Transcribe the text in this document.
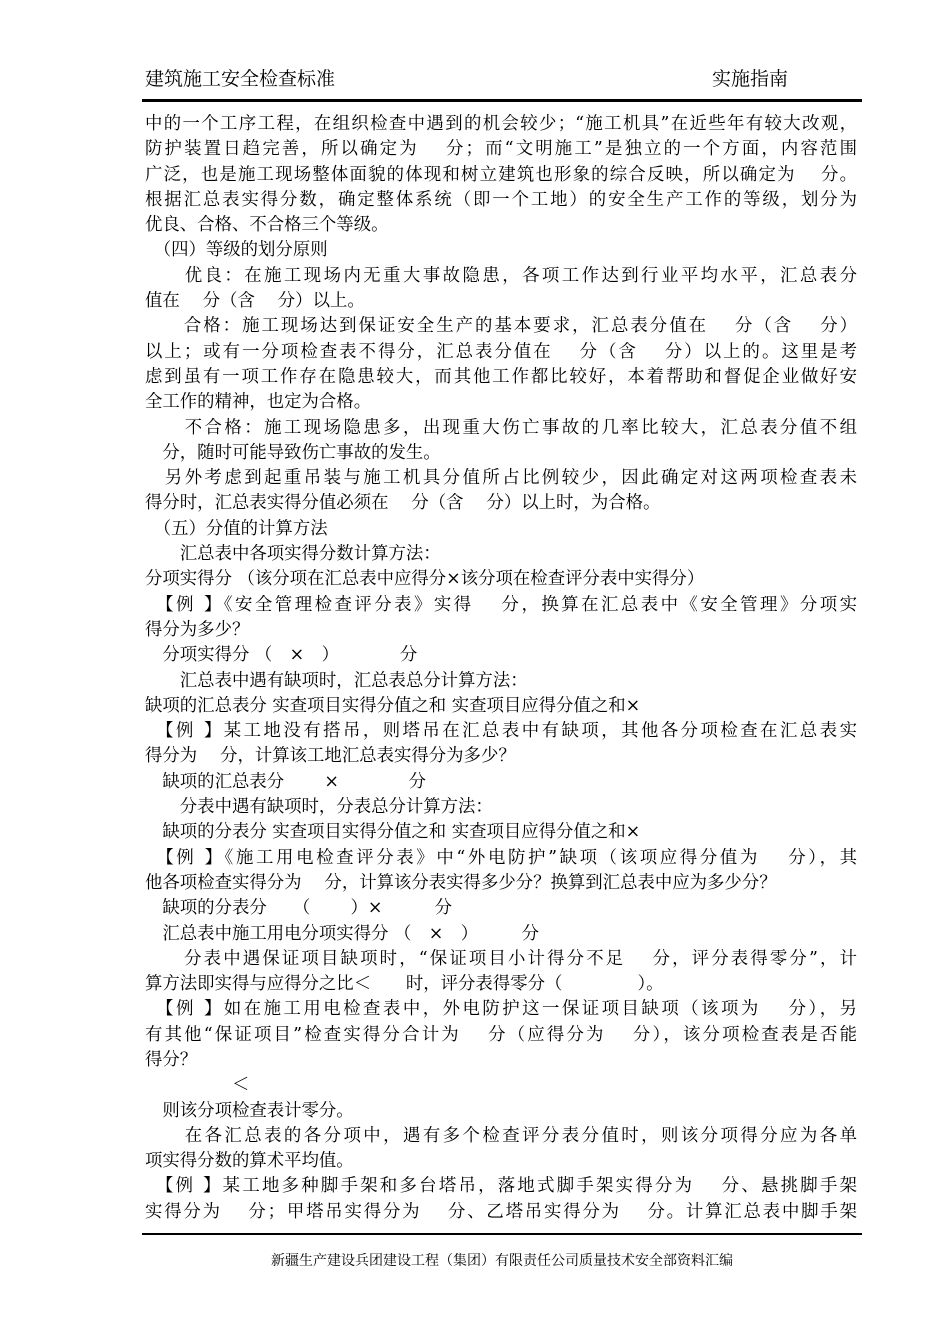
建筑施工安全检查标准	实施指南
中的一个工序工程，在组织检查中遇到的机会较少；“施工机具”在近些年有较大改观，
防护装置日趋完善，所以确定为　 分；而“文明施工”是独立的一个方面，内容范围
广泛，也是施工现场整体面貌的体现和树立建筑也形象的综合反映，所以确定为　 分。
根据汇总表实得分数，确定整体系统（即一个工地）的安全生产工作的等级，划分为
优良、合格、不合格三个等级。
　（四）等级的划分原则
　　优良：在施工现场内无重大事故隐患，各项工作达到行业平均水平，汇总表分
值在　 分（含　 分）以上。
　　合格：施工现场达到保证安全生产的基本要求，汇总表分值在　 分（含　 分）
以上；或有一分项检查表不得分，汇总表分值在　 分（含　 分）以上的。这里是考
虑到虽有一项工作存在隐患较大，而其他工作都比较好，本着帮助和督促企业做好安
全工作的精神，也定为合格。
　　不合格：施工现场隐患多，出现重大伤亡事故的几率比较大，汇总表分值不组
　分，随时可能导致伤亡事故的发生。
　另外考虑到起重吊装与施工机具分值所占比例较少，因此确定对这两项检查表未
得分时，汇总表实得分值必须在　 分（含　 分）以上时，为合格。
　（五）分值的计算方法
　　汇总表中各项实得分数计算方法：
分项实得分 （该分项在汇总表中应得分×该分项在检查评分表中实得分）
　【例 】《安全管理检查评分表》实得　 分，换算在汇总表中《安全管理》分项实
得分为多少？
　分项实得分 （　×　）　　　　分
　　汇总表中遇有缺项时，汇总表总分计算方法：
缺项的汇总表分 实查项目实得分值之和 实查项目应得分值之和×
　【例 】某工地没有搭吊，则塔吊在汇总表中有缺项，其他各分项检查在汇总表实
得分为　 分，计算该工地汇总表实得分为多少？
　缺项的汇总表分　　 ×　　　　分
　　分表中遇有缺项时，分表总分计算方法：
　缺项的分表分 实查项目实得分值之和 实查项目应得分值之和×
　【例 】《施工用电检查评分表》中“外电防护”缺项（该项应得分值为　 分），其
他各项检查实得分为　 分，计算该分表实得多少分？换算到汇总表中应为多少分？
　缺项的分表分　　（　　 ）×　　　分
　汇总表中施工用电分项实得分 （　×　）　　　分
　　分表中遇保证项目缺项时，“保证项目小计得分不足　 分，评分表得零分”，计
算方法即实得与应得分之比＜　　时，评分表得零分（　　　　 ）。
　【例 】如在施工用电检查表中，外电防护这一保证项目缺项（该项为　 分），另
有其他“保证项目”检查实得分合计为　 分（应得分为　 分），该分项检查表是否能
得分？
　　　　　＜
　则该分项检查表计零分。
　　在各汇总表的各分项中，遇有多个检查评分表分值时，则该分项得分应为各单
项实得分数的算术平均值。
　【例 】某工地多种脚手架和多台塔吊，落地式脚手架实得分为　 分、悬挑脚手架
实得分为　 分；甲塔吊实得分为　 分、乙塔吊实得分为　 分。计算汇总表中脚手架
新疆生产建设兵团建设工程（集团）有限责任公司质量技术安全部资料汇编
